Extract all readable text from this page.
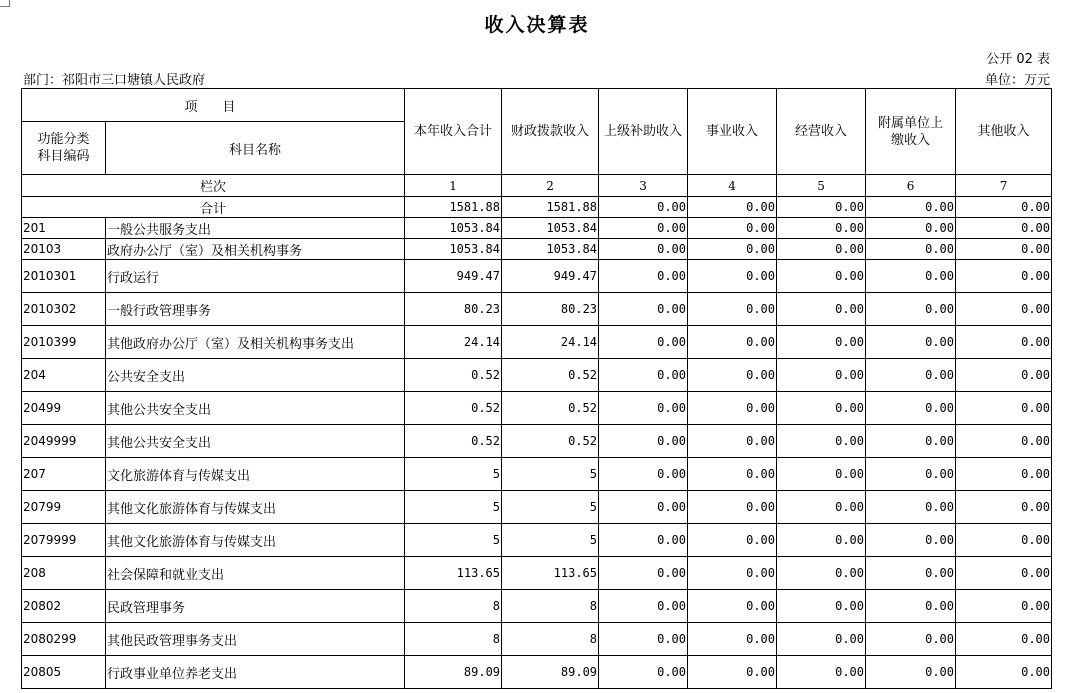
收入决算表
公开 02 表
部门：祁阳市三口塘镇人民政府	单位：万元
项　目		本年收入合计	财政拨款收入	上级补助收入	事业收入	经营收入	附属单位上缴收入	其他收入

功能分类科目编码	科目名称							
栏次		1	2	3	4	5	6	7
合计		1581.88	1581.88	0.00	0.00	0.00	0.00	0.00
201	一般公共服务支出	1053.84	1053.84	0.00	0.00	0.00	0.00	0.00
20103	政府办公厅（室）及相关机构事务	1053.84	1053.84	0.00	0.00	0.00	0.00	0.00
2010301	行政运行	949.47	949.47	0.00	0.00	0.00	0.00	0.00
2010302	一般行政管理事务	80.23	80.23	0.00	0.00	0.00	0.00	0.00
2010399	其他政府办公厅（室）及相关机构事务支出	24.14	24.14	0.00	0.00	0.00	0.00	0.00
204	公共安全支出	0.52	0.52	0.00	0.00	0.00	0.00	0.00
20499	其他公共安全支出	0.52	0.52	0.00	0.00	0.00	0.00	0.00
2049999	其他公共安全支出	0.52	0.52	0.00	0.00	0.00	0.00	0.00
207	文化旅游体育与传媒支出	5	5	0.00	0.00	0.00	0.00	0.00
20799	其他文化旅游体育与传媒支出	5	5	0.00	0.00	0.00	0.00	0.00
2079999	其他文化旅游体育与传媒支出	5	5	0.00	0.00	0.00	0.00	0.00
208	社会保障和就业支出	113.65	113.65	0.00	0.00	0.00	0.00	0.00
20802	民政管理事务	8	8	0.00	0.00	0.00	0.00	0.00
2080299	其他民政管理事务支出	8	8	0.00	0.00	0.00	0.00	0.00
20805	行政事业单位养老支出	89.09	89.09	0.00	0.00	0.00	0.00	0.00
